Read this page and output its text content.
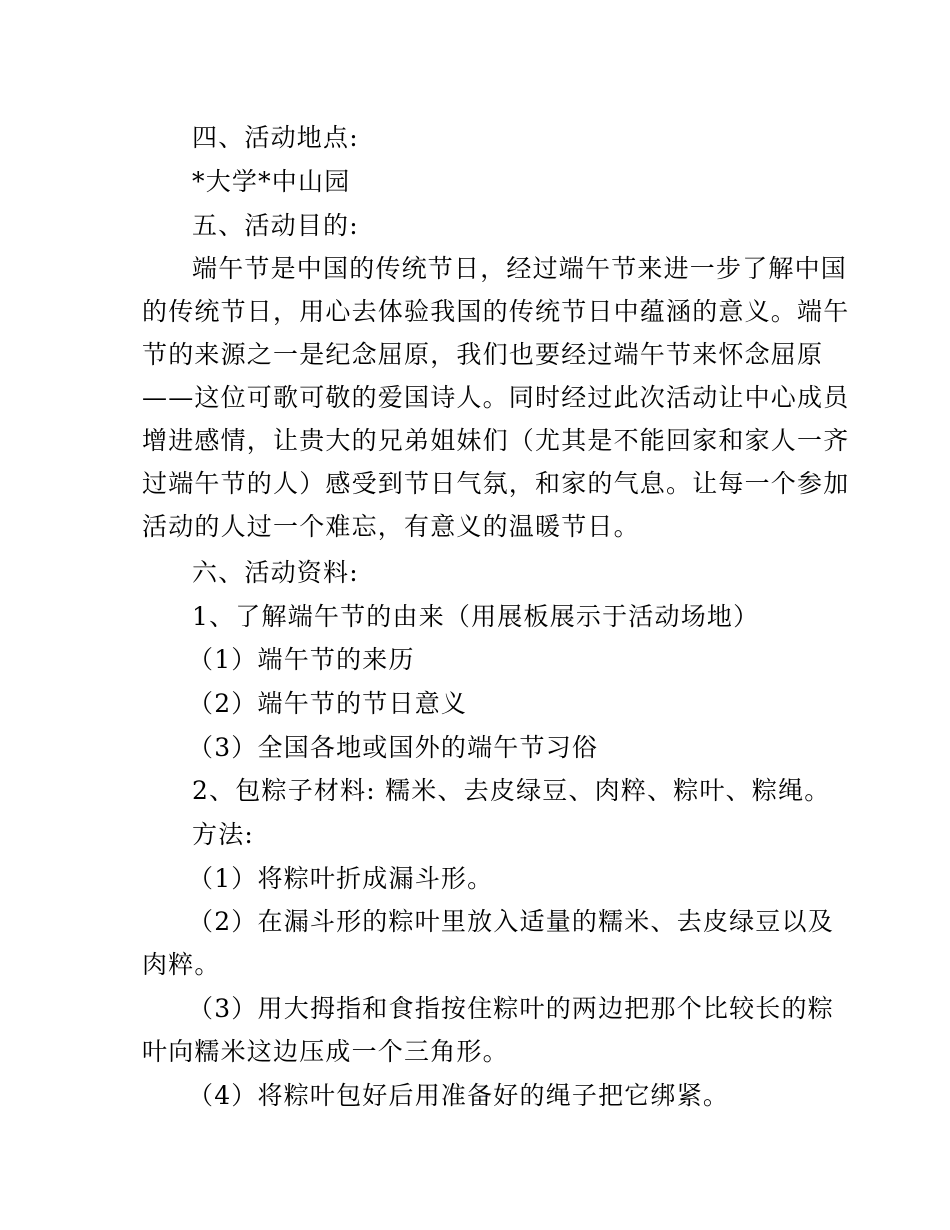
四、活动地点:
*大学*中山园
五、活动目的:
端午节是中国的传统节日，经过端午节来进一步了解中国
的传统节日，用心去体验我国的传统节日中蕴涵的意义。端午
节的来源之一是纪念屈原，我们也要经过端午节来怀念屈原
——这位可歌可敬的爱国诗人。同时经过此次活动让中心成员
增进感情，让贵大的兄弟姐妹们（尤其是不能回家和家人一齐
过端午节的人）感受到节日气氛，和家的气息。让每一个参加
活动的人过一个难忘，有意义的温暖节日。
六、活动资料:
1、了解端午节的由来（用展板展示于活动场地）
（1）端午节的来历
（2）端午节的节日意义
（3）全国各地或国外的端午节习俗
2、包粽子材料: 糯米、去皮绿豆、肉粹、粽叶、粽绳。
方法:
（1）将粽叶折成漏斗形。
（2）在漏斗形的粽叶里放入适量的糯米、去皮绿豆以及
肉粹。
（3）用大拇指和食指按住粽叶的两边把那个比较长的粽
叶向糯米这边压成一个三角形。
（4）将粽叶包好后用准备好的绳子把它绑紧。
